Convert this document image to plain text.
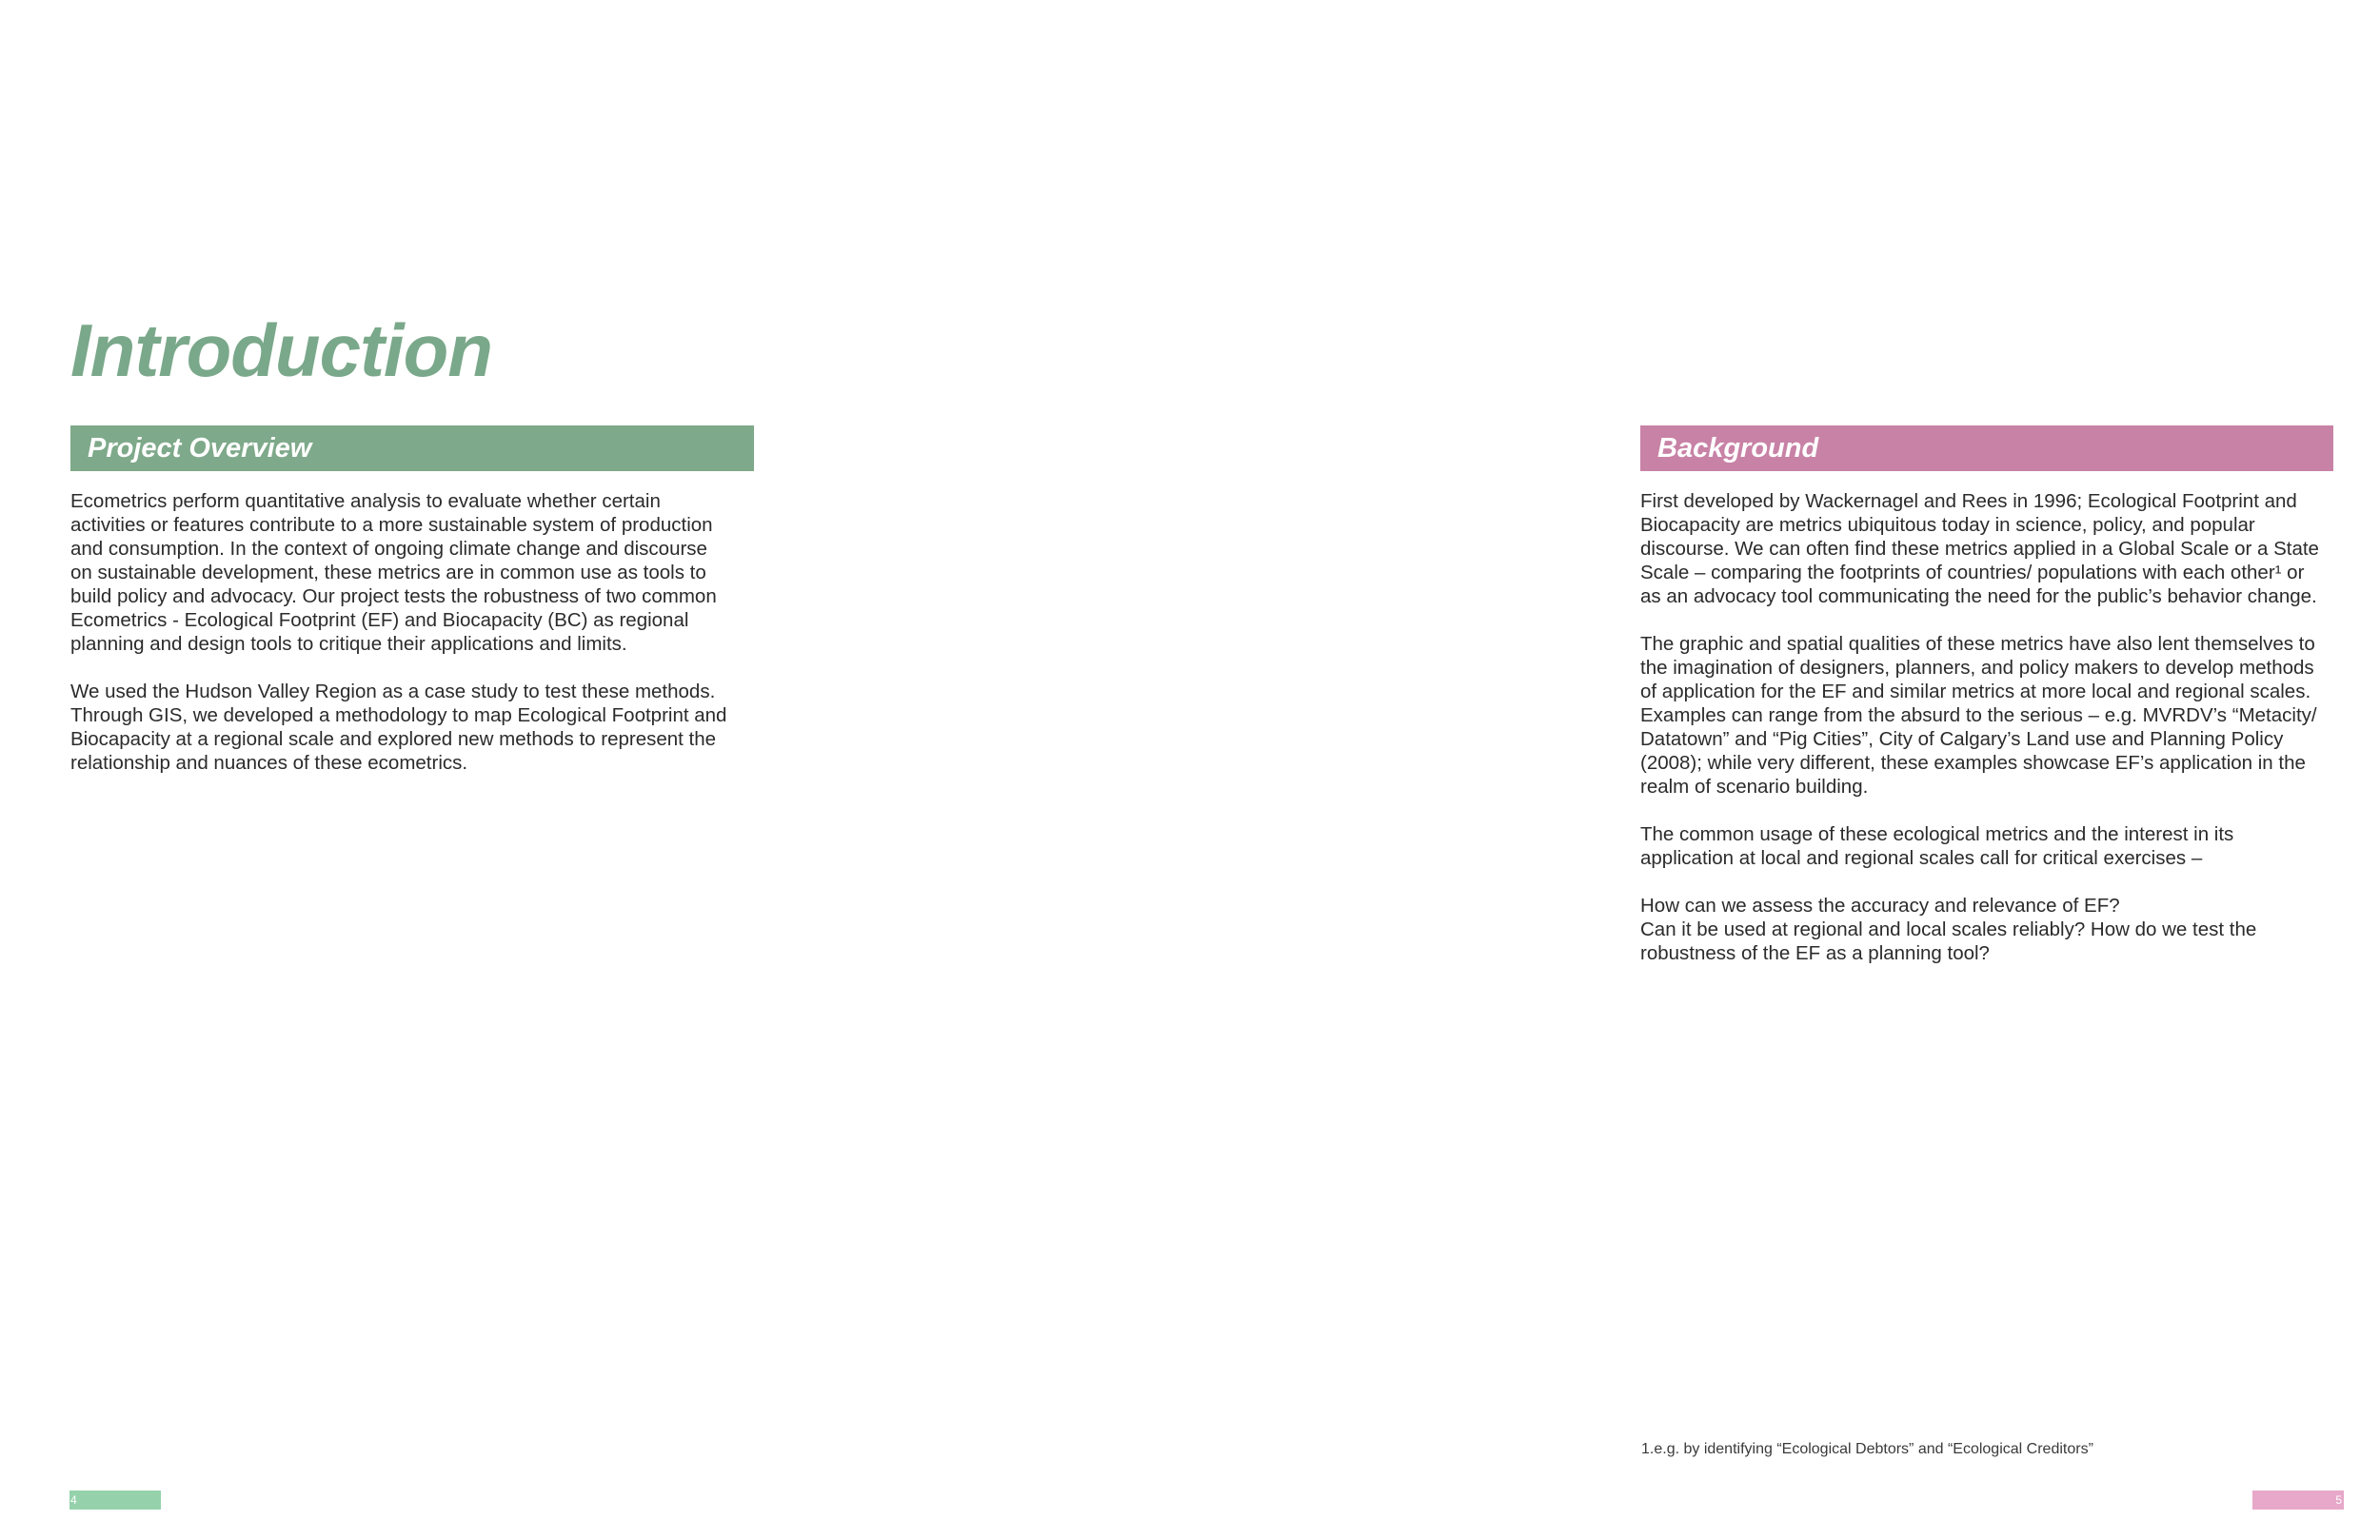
Introduction
Project Overview

Ecometrics perform quantitative analysis to evaluate whether certain
activities or features contribute to a more sustainable system of production
and consumption. In the context of ongoing climate change and discourse
on sustainable development, these metrics are in common use as tools to
build policy and advocacy. Our project tests the robustness of two common
Ecometrics - Ecological Footprint (EF) and Biocapacity (BC) as regional
planning and design tools to critique their applications and limits.

We used the Hudson Valley Region as a case study to test these methods.
Through GIS, we developed a methodology to map Ecological Footprint and
Biocapacity at a regional scale and explored new methods to represent the
relationship and nuances of these ecometrics.

Background

First developed by Wackernagel and Rees in 1996; Ecological Footprint and
Biocapacity are metrics ubiquitous today in science, policy, and popular
discourse. We can often find these metrics applied in a Global Scale or a State
Scale – comparing the footprints of countries/ populations with each other¹ or
as an advocacy tool communicating the need for the public’s behavior change.

The graphic and spatial qualities of these metrics have also lent themselves to
the imagination of designers, planners, and policy makers to develop methods
of application for the EF and similar metrics at more local and regional scales.
Examples can range from the absurd to the serious – e.g. MVRDV’s “Metacity/
Datatown” and “Pig Cities”, City of Calgary’s Land use and Planning Policy
(2008); while very different, these examples showcase EF’s application in the
realm of scenario building.

The common usage of these ecological metrics and the interest in its
application at local and regional scales call for critical exercises –

How can we assess the accuracy and relevance of EF?
Can it be used at regional and local scales reliably? How do we test the
robustness of the EF as a planning tool?

1.e.g. by identifying “Ecological Debtors” and “Ecological Creditors”
4	5
